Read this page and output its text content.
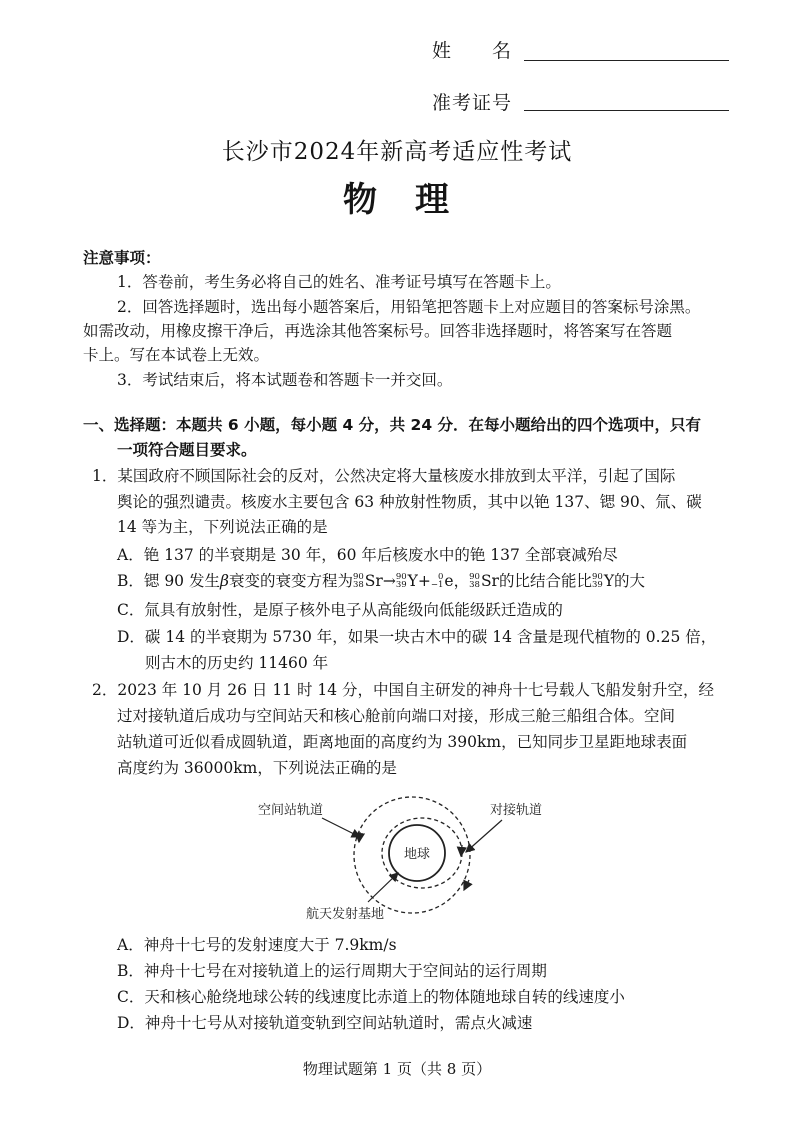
姓　　名
准考证号
长沙市2024年新高考适应性考试
物　理
注意事项：
1．答卷前，考生务必将自己的姓名、准考证号填写在答题卡上。
2．回答选择题时，选出每小题答案后，用铅笔把答题卡上对应题目的答案标号涂黑。
如需改动，用橡皮擦干净后，再选涂其他答案标号。回答非选择题时，将答案写在答题
卡上。写在本试卷上无效。
3．考试结束后，将本试题卷和答题卡一并交回。
一、选择题：本题共 6 小题，每小题 4 分，共 24 分．在每小题给出的四个选项中，只有
一项符合题目要求。
1．某国政府不顾国际社会的反对，公然决定将大量核废水排放到太平洋，引起了国际
舆论的强烈谴责。核废水主要包含 63 种放射性物质，其中以铯 137、锶 90、氚、碳
14 等为主，下列说法正确的是
A．铯 137 的半衰期是 30 年，60 年后核废水中的铯 137 全部衰减殆尽
B．锶 90 发生 β 衰变的衰变方程为 90
38 Sr → 90
39 Y + 0
−1 e ， 90
38 Sr 的比结合能比 90
39 Y 的大
C．氚具有放射性，是原子核外电子从高能级向低能级跃迁造成的
D．碳 14 的半衰期为 5730 年，如果一块古木中的碳 14 含量是现代植物的 0.25 倍，
则古木的历史约 11460 年
2．2023 年 10 月 26 日 11 时 14 分，中国自主研发的神舟十七号载人飞船发射升空，经
过对接轨道后成功与空间站天和核心舱前向端口对接，形成三舱三船组合体。空间
站轨道可近似看成圆轨道，距离地面的高度约为 390km，已知同步卫星距地球表面
高度约为 36000km，下列说法正确的是
空间站轨道	对接轨道
地球
航天发射基地
A．神舟十七号的发射速度大于 7.9km/s
B．神舟十七号在对接轨道上的运行周期大于空间站的运行周期
C．天和核心舱绕地球公转的线速度比赤道上的物体随地球自转的线速度小
D．神舟十七号从对接轨道变轨到空间站轨道时，需点火减速
物理试题第 1 页（共 8 页）
